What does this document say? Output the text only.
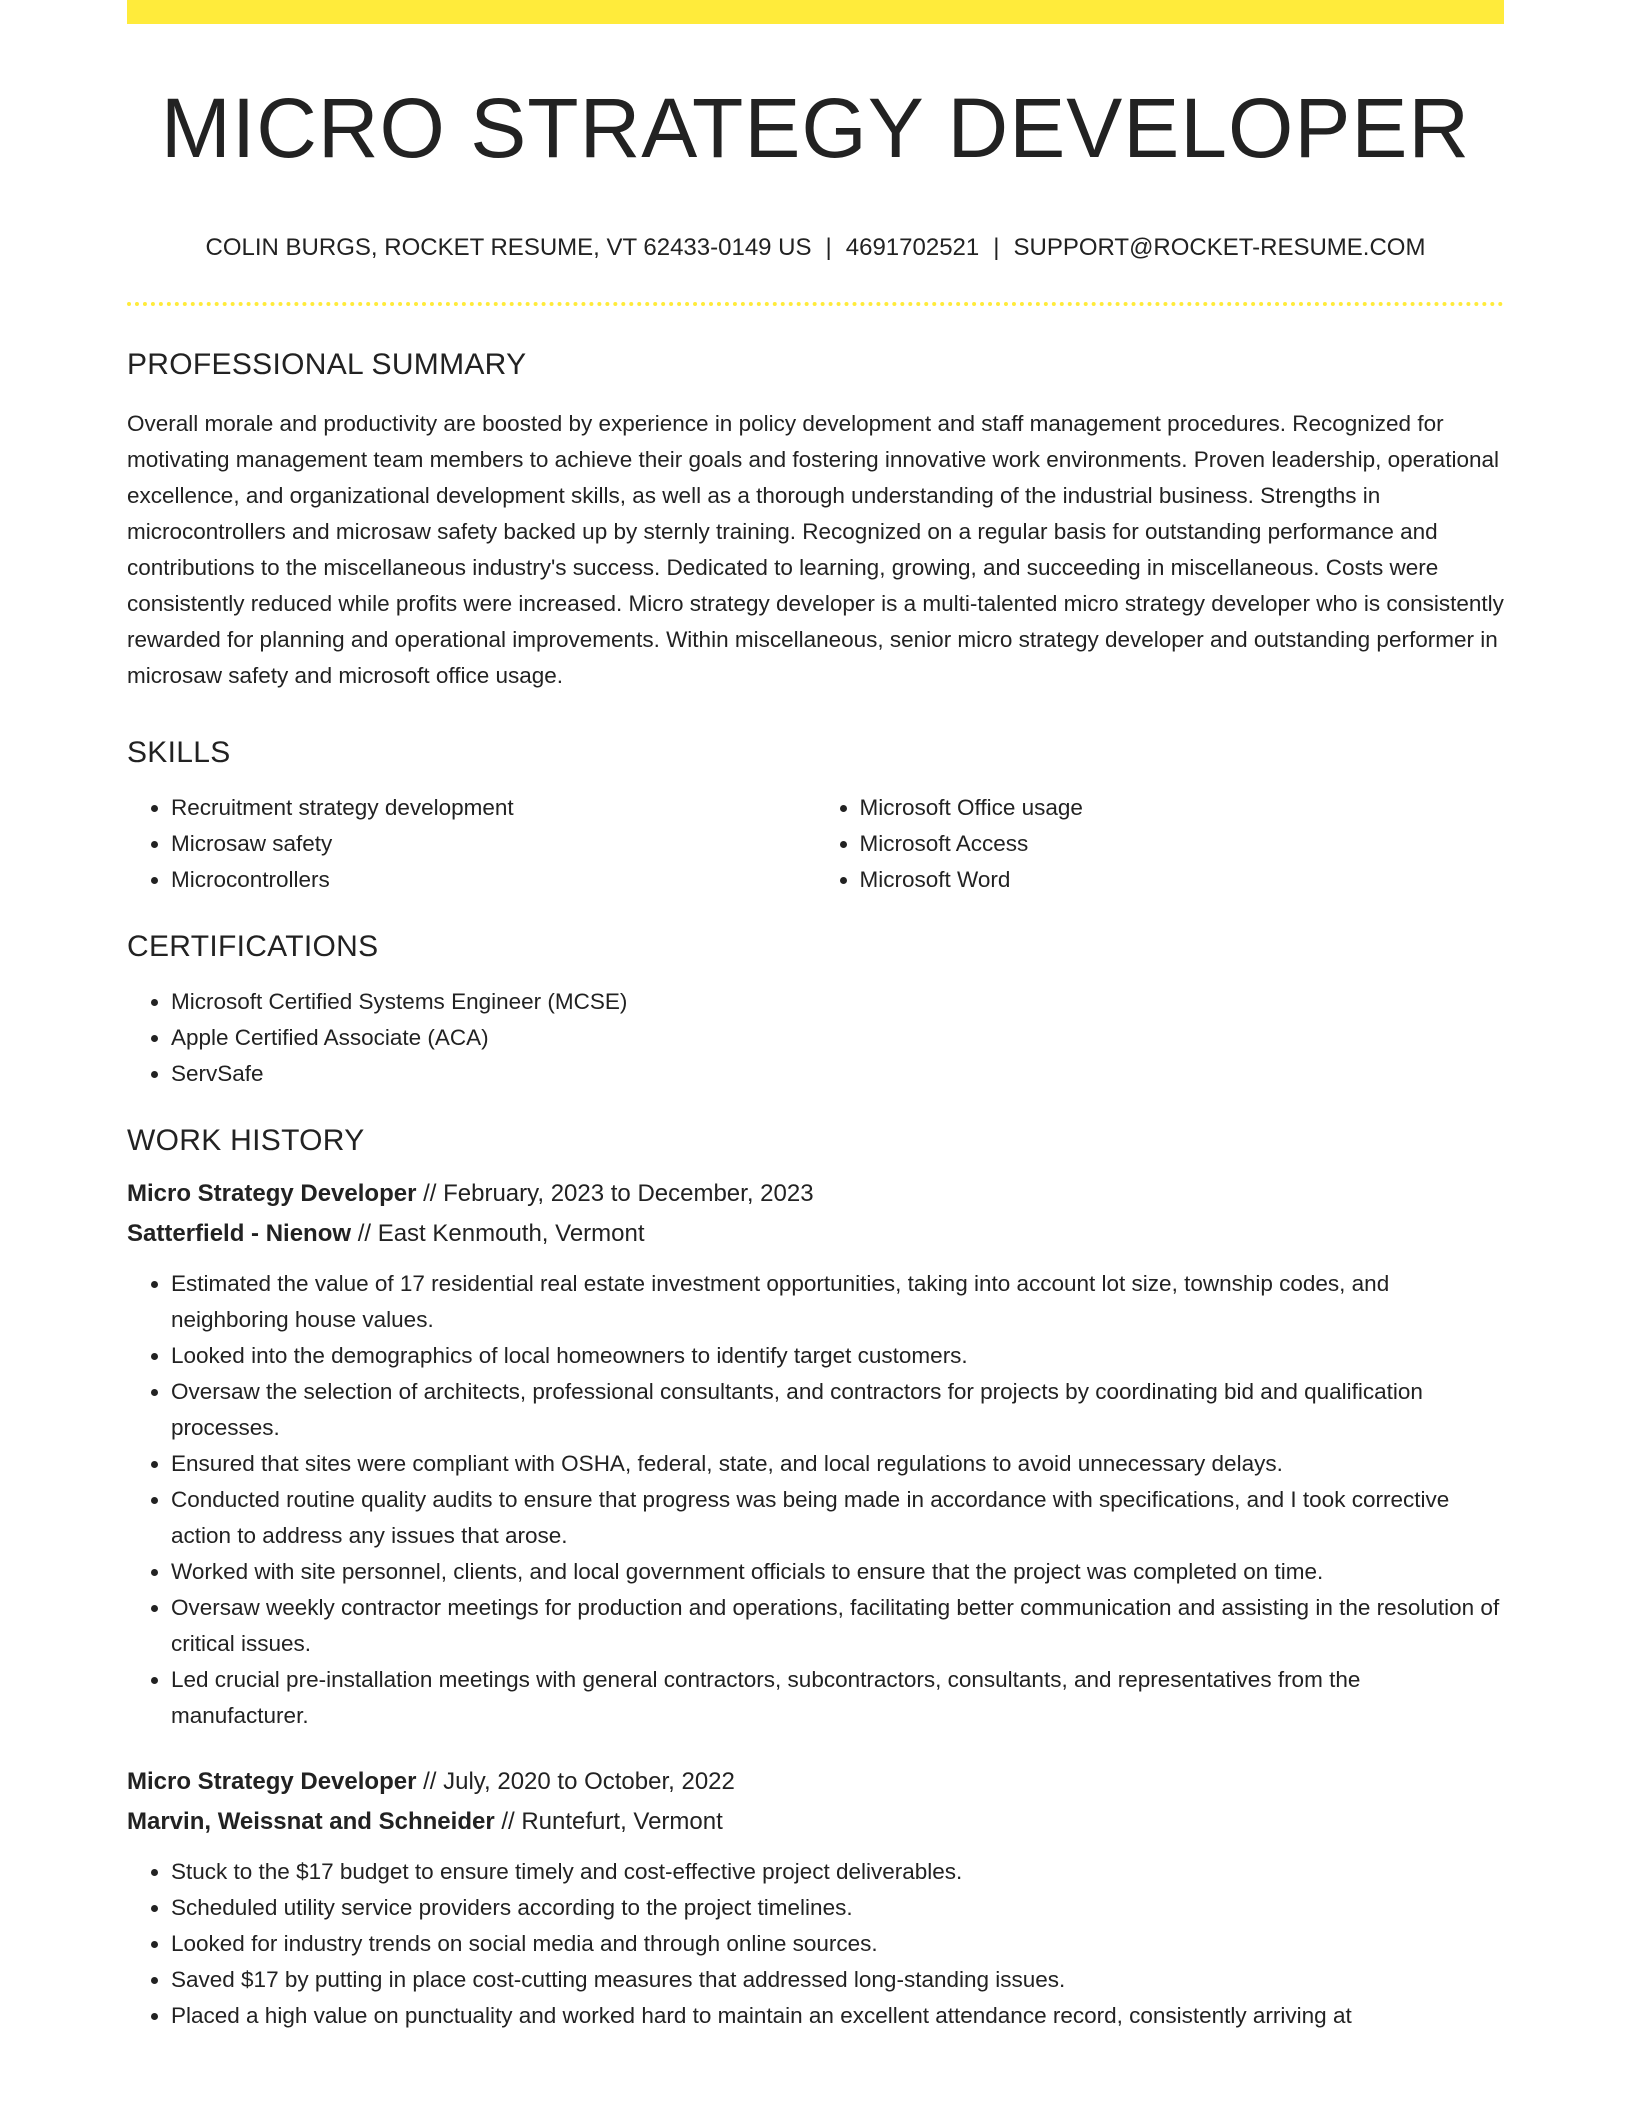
MICRO STRATEGY DEVELOPER
COLIN BURGS, ROCKET RESUME, VT 62433-0149 US | 4691702521 | SUPPORT@ROCKET-RESUME.COM
PROFESSIONAL SUMMARY
Overall morale and productivity are boosted by experience in policy development and staff management procedures. Recognized for motivating management team members to achieve their goals and fostering innovative work environments. Proven leadership, operational excellence, and organizational development skills, as well as a thorough understanding of the industrial business. Strengths in microcontrollers and microsaw safety backed up by sternly training. Recognized on a regular basis for outstanding performance and contributions to the miscellaneous industry's success. Dedicated to learning, growing, and succeeding in miscellaneous. Costs were consistently reduced while profits were increased. Micro strategy developer is a multi-talented micro strategy developer who is consistently rewarded for planning and operational improvements. Within miscellaneous, senior micro strategy developer and outstanding performer in microsaw safety and microsoft office usage.
SKILLS
• Recruitment strategy development
• Microsaw safety
• Microcontrollers
• Microsoft Office usage
• Microsoft Access
• Microsoft Word
CERTIFICATIONS
• Microsoft Certified Systems Engineer (MCSE)
• Apple Certified Associate (ACA)
• ServSafe
WORK HISTORY
Micro Strategy Developer // February, 2023 to December, 2023
Satterfield - Nienow // East Kenmouth, Vermont
• Estimated the value of 17 residential real estate investment opportunities, taking into account lot size, township codes, and neighboring house values.
• Looked into the demographics of local homeowners to identify target customers.
• Oversaw the selection of architects, professional consultants, and contractors for projects by coordinating bid and qualification processes.
• Ensured that sites were compliant with OSHA, federal, state, and local regulations to avoid unnecessary delays.
• Conducted routine quality audits to ensure that progress was being made in accordance with specifications, and I took corrective action to address any issues that arose.
• Worked with site personnel, clients, and local government officials to ensure that the project was completed on time.
• Oversaw weekly contractor meetings for production and operations, facilitating better communication and assisting in the resolution of critical issues.
• Led crucial pre-installation meetings with general contractors, subcontractors, consultants, and representatives from the manufacturer.
Micro Strategy Developer // July, 2020 to October, 2022
Marvin, Weissnat and Schneider // Runtefurt, Vermont
• Stuck to the $17 budget to ensure timely and cost-effective project deliverables.
• Scheduled utility service providers according to the project timelines.
• Looked for industry trends on social media and through online sources.
• Saved $17 by putting in place cost-cutting measures that addressed long-standing issues.
• Placed a high value on punctuality and worked hard to maintain an excellent attendance record, consistently arriving at
